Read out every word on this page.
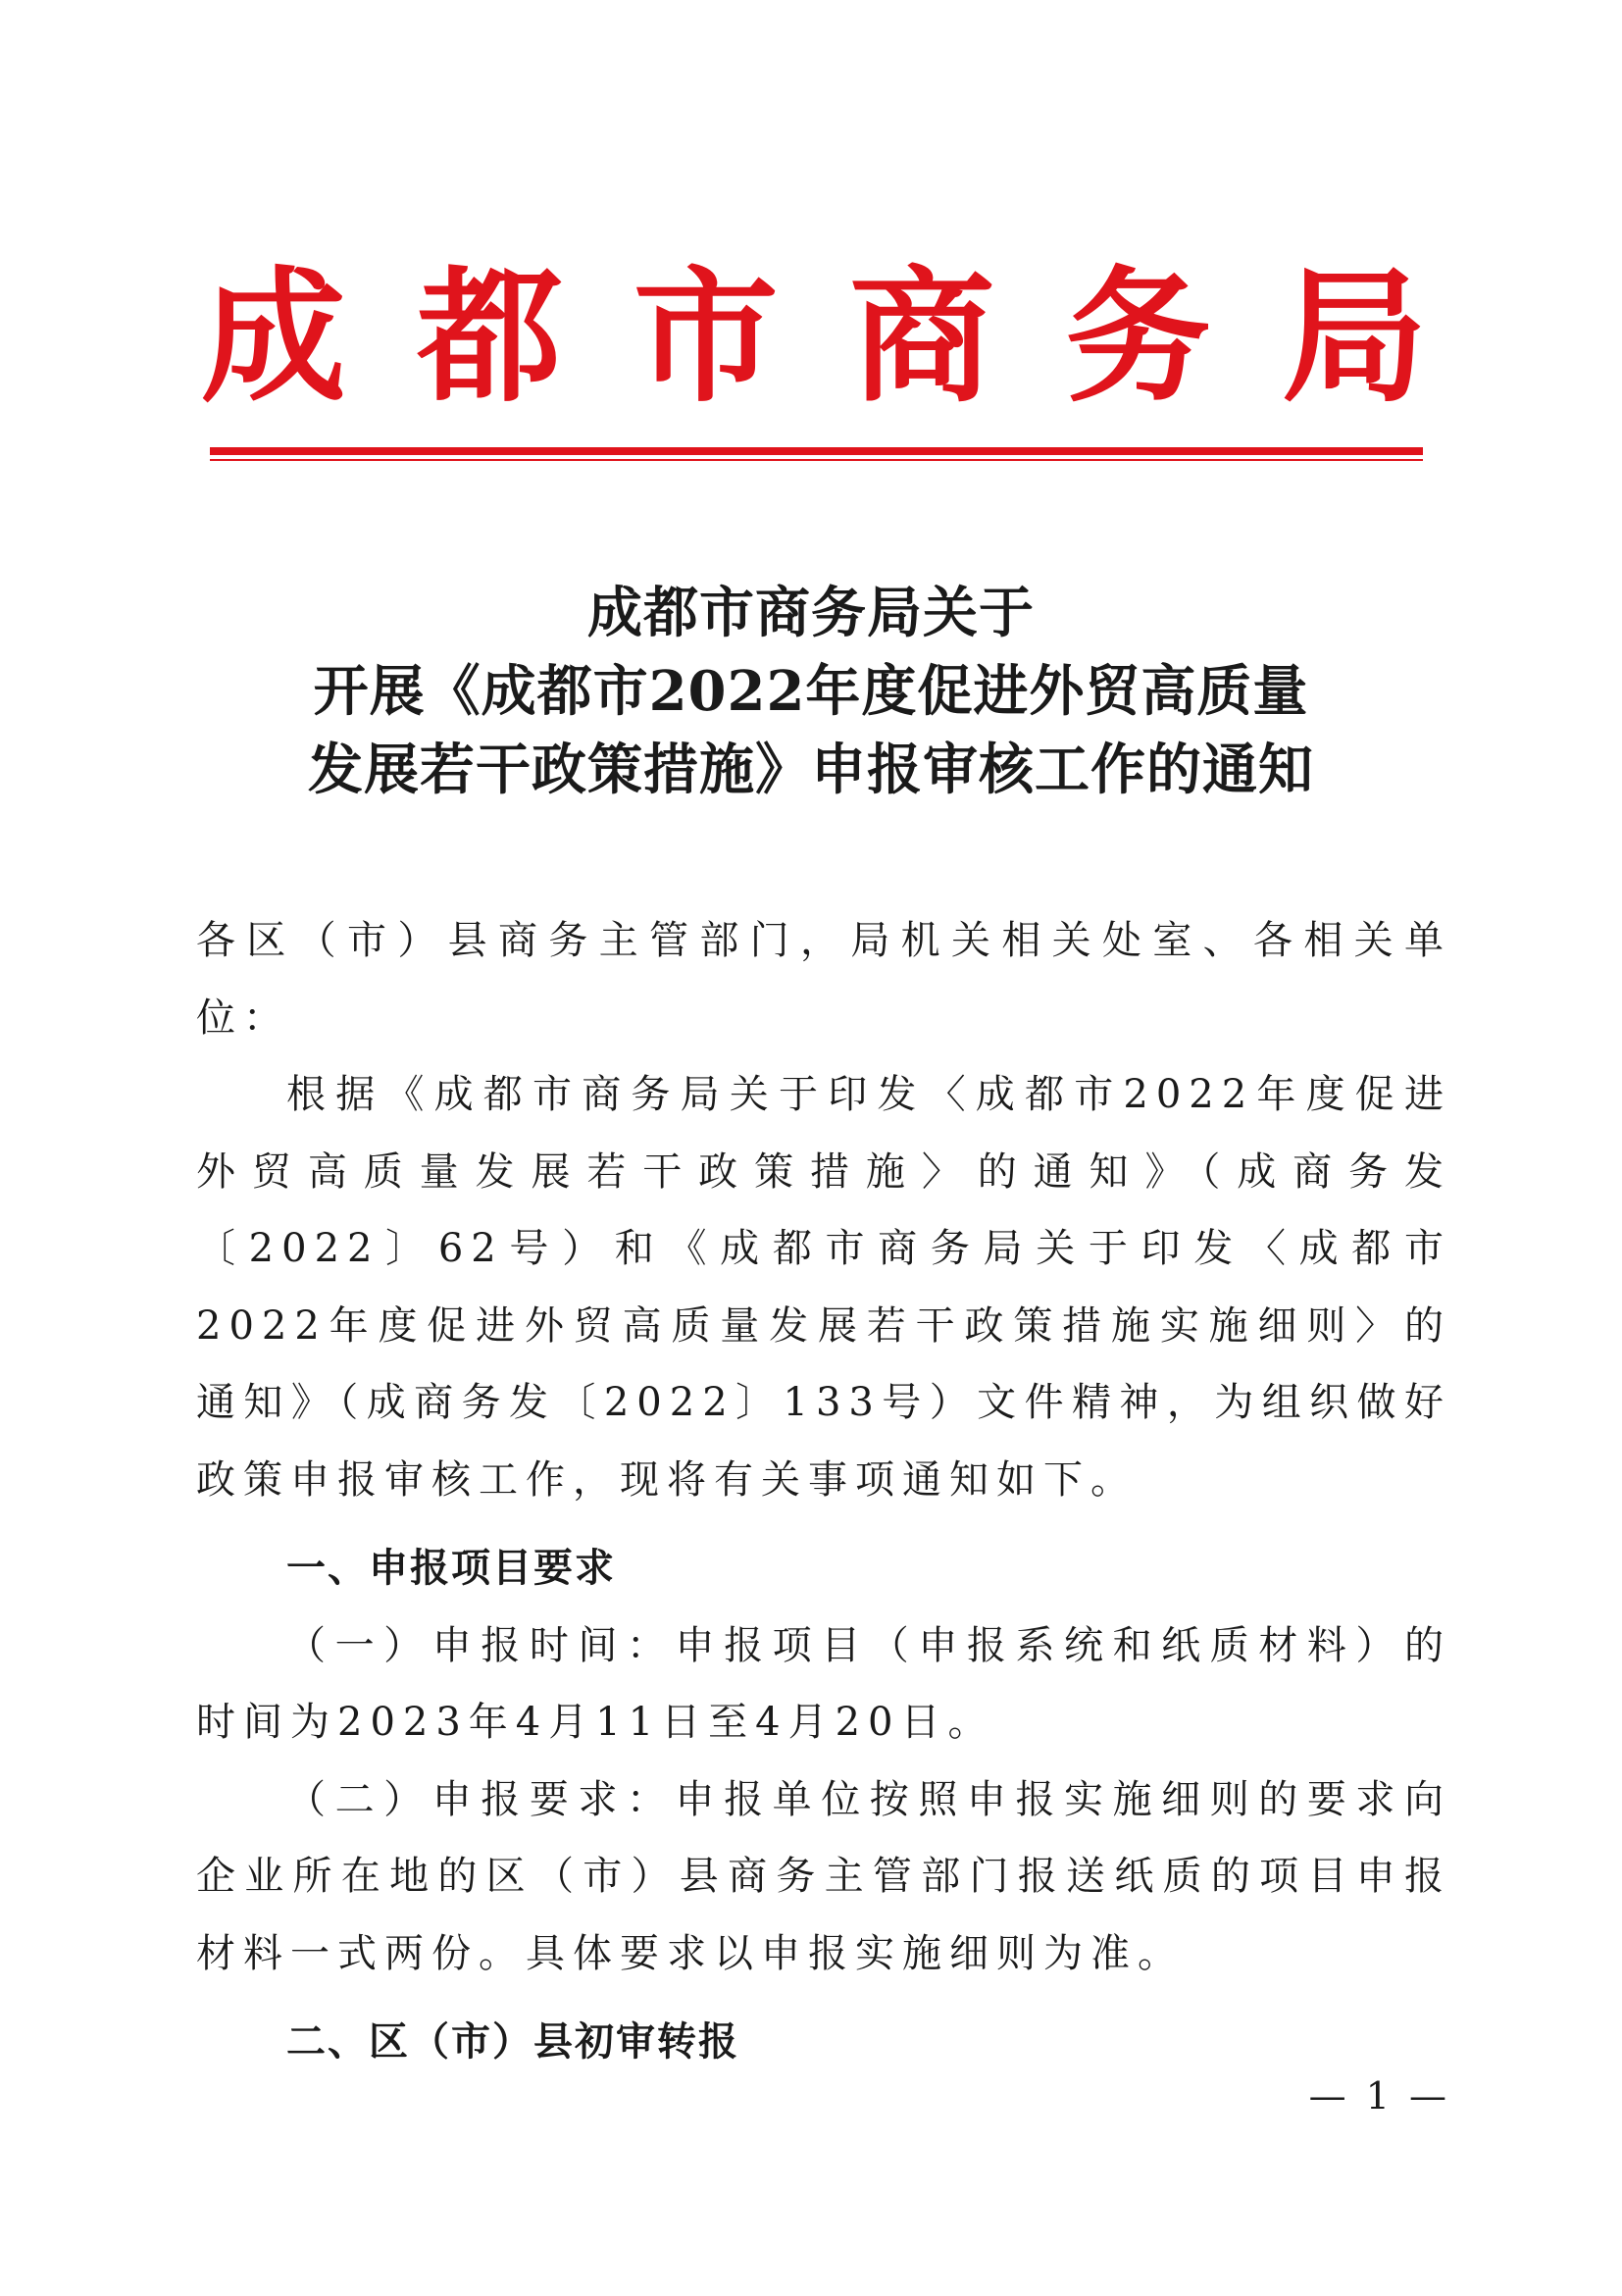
成 都 市 商 务 局
成都市商务局关于
开展《成都市2022年度促进外贸高质量
发展若干政策措施》申报审核工作的通知

各区（市）县商务主管部门，局机关相关处室、各相关单位：

根据《成都市商务局关于印发〈成都市2022年度促进外贸高质量发展若干政策措施〉的通知》（成商务发〔2022〕62号）和《成都市商务局关于印发〈成都市2022年度促进外贸高质量发展若干政策措施实施细则〉的通知》（成商务发〔2022〕133号）文件精神，为组织做好政策申报审核工作，现将有关事项通知如下。

一、申报项目要求

（一）申报时间：申报项目（申报系统和纸质材料）的时间为2023年4月11日至4月20日。

（二）申报要求：申报单位按照申报实施细则的要求向企业所在地的区（市）县商务主管部门报送纸质的项目申报材料一式两份。具体要求以申报实施细则为准。

二、区（市）县初审转报

— 1 —
